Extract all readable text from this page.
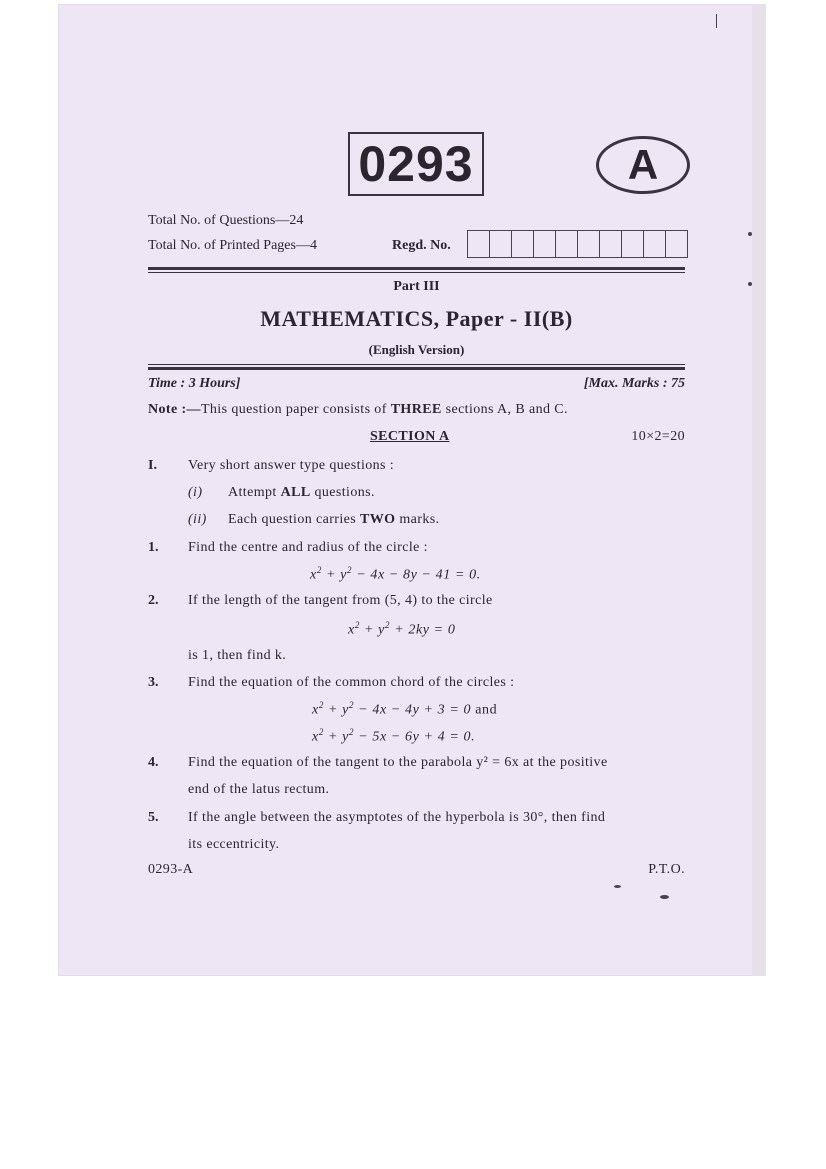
0293	A
Total No. of Questions—24
Total No. of Printed Pages—4	Regd. No.
Part III
MATHEMATICS, Paper - II(B)
(English Version)
Time : 3 Hours]	[Max. Marks : 75
Note :—This question paper consists of THREE sections A, B and C.
SECTION A	10×2=20
I. Very short answer type questions :
(i) Attempt ALL questions.
(ii) Each question carries TWO marks.
1. Find the centre and radius of the circle :
$x^2 + y^2 - 4x - 8y - 41 = 0$.
2. If the length of the tangent from (5, 4) to the circle
$x^2 + y^2 + 2ky = 0$
is 1, then find k.
3. Find the equation of the common chord of the circles :
$x^2 + y^2 - 4x - 4y + 3 = 0$ and
$x^2 + y^2 - 5x - 6y + 4 = 0$.
4. Find the equation of the tangent to the parabola y² = 6x at the positive
end of the latus rectum.
5. If the angle between the asymptotes of the hyperbola is 30°, then find
its eccentricity.
0293-A	P.T.O.
